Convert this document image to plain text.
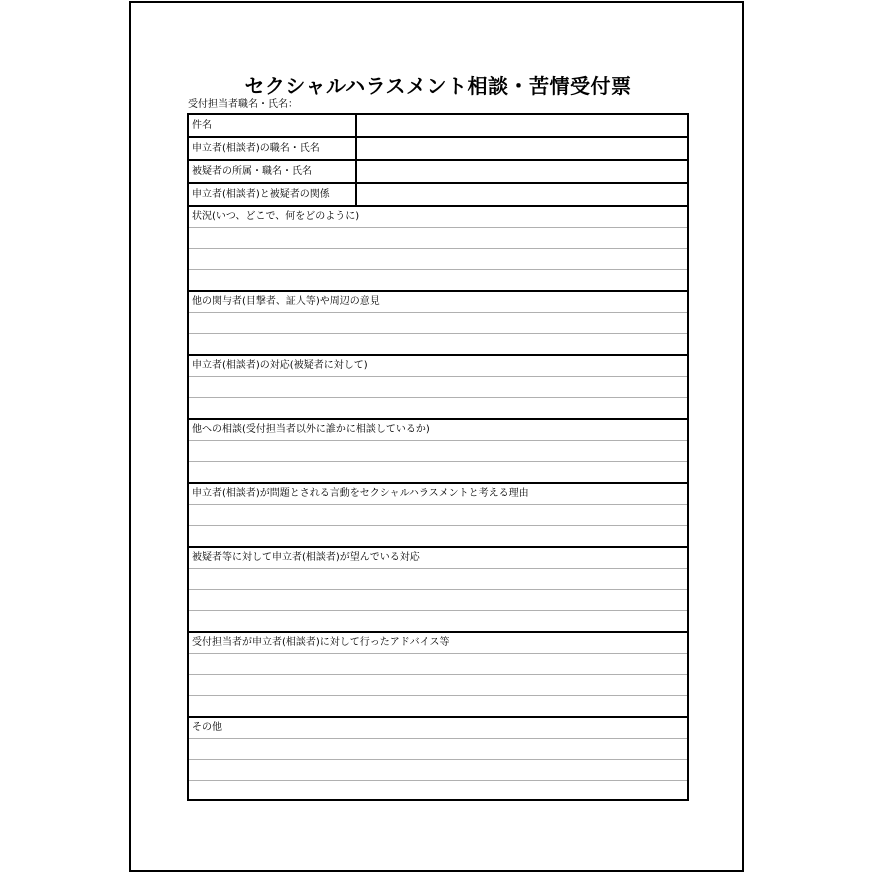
セクシャルハラスメント相談・苦情受付票
受付担当者職名・氏名：
件名
申立者(相談者)の職名・氏名
被疑者の所属・職名・氏名
申立者(相談者)と被疑者の関係
状況(いつ、どこで、何をどのように)
他の関与者(目撃者、証人等)や周辺の意見
申立者(相談者)の対応(被疑者に対して)
他への相談(受付担当者以外に誰かに相談しているか)
申立者(相談者)が問題とされる言動をセクシャルハラスメントと考える理由
被疑者等に対して申立者(相談者)が望んでいる対応
受付担当者が申立者(相談者)に対して行ったアドバイス等
その他
